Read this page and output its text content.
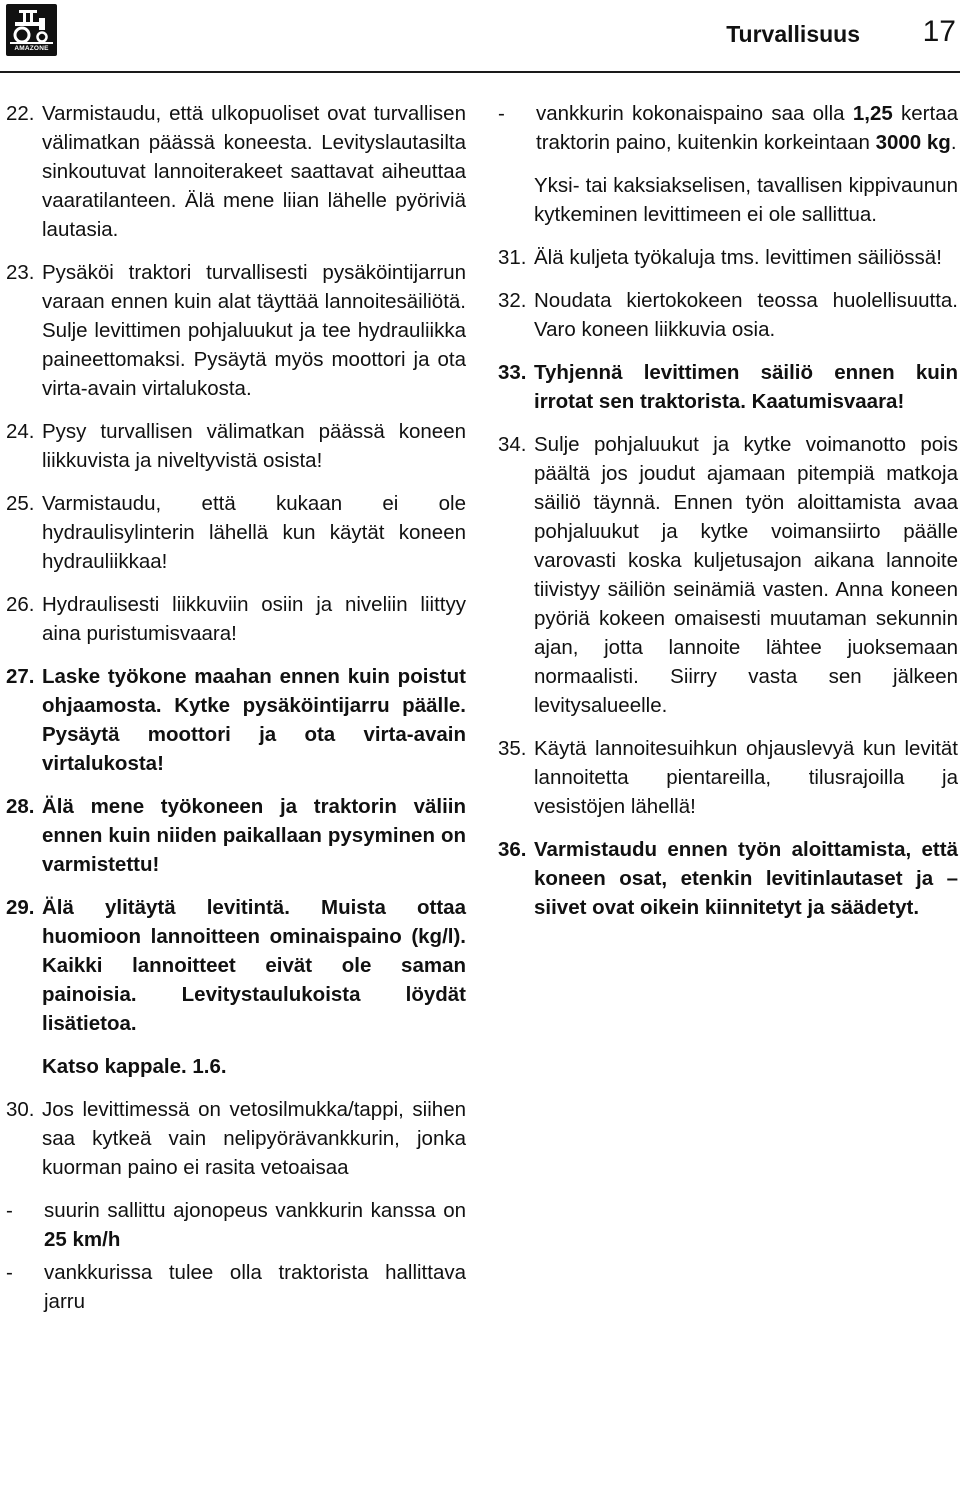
AMAZONE
Turvallisuus 17
22. Varmistaudu, että ulkopuoliset ovat turvallisen välimatkan päässä koneesta. Levityslautasilta sinkoutuvat lannoiterakeet saattavat aiheuttaa vaaratilanteen. Älä mene liian lähelle pyöriviä lautasia.
23. Pysäköi traktori turvallisesti pysäköintijarrun varaan ennen kuin alat täyttää lannoitesäiliötä. Sulje levittimen pohjaluukut ja tee hydrauliikka paineettomaksi. Pysäytä myös moottori ja ota virta-avain virtalukosta.
24. Pysy turvallisen välimatkan päässä koneen liikkuvista ja niveltyvistä osista!
25. Varmistaudu, että kukaan ei ole hydraulisylinterin lähellä kun käytät koneen hydrauliikkaa!
26. Hydraulisesti liikkuviin osiin ja niveliin liittyy aina puristumisvaara!
27. Laske työkone maahan ennen kuin poistut ohjaamosta. Kytke pysäköintijarru päälle. Pysäytä moottori ja ota virta-avain virtalukosta!
28. Älä mene työkoneen ja traktorin väliin ennen kuin niiden paikallaan pysyminen on varmistettu!
29. Älä ylitäytä levitintä. Muista ottaa huomioon lannoitteen ominaispaino (kg/l). Kaikki lannoitteet eivät ole saman painoisia. Levitystaulukoista löydät lisätietoa.
Katso kappale. 1.6.
30. Jos levittimessä on vetosilmukka/tappi, siihen saa kytkeä vain nelipyörävankkurin, jonka kuorman paino ei rasita vetoaisaa
- suurin sallittu ajonopeus vankkurin kanssa on 25 km/h
- vankkurissa tulee olla traktorista hallittava jarru
- vankkurin kokonaispaino saa olla 1,25 kertaa traktorin paino, kuitenkin korkeintaan 3000 kg.
Yksi- tai kaksiakselisen, tavallisen kippivaunun kytkeminen levittimeen ei ole sallittua.
31. Älä kuljeta työkaluja tms. levittimen säiliössä!
32. Noudata kiertokokeen teossa huolellisuutta. Varo koneen liikkuvia osia.
33. Tyhjennä levittimen säiliö ennen kuin irrotat sen traktorista. Kaatumisvaara!
34. Sulje pohjaluukut ja kytke voimanotto pois päältä jos joudut ajamaan pitempiä matkoja säiliö täynnä. Ennen työn aloittamista avaa pohjaluukut ja kytke voimansiirto päälle varovasti koska kuljetusajon aikana lannoite tiivistyy säiliön seinämiä vasten. Anna koneen pyöriä kokeen omaisesti muutaman sekunnin ajan, jotta lannoite lähtee juoksemaan normaalisti. Siirry vasta sen jälkeen levitysalueelle.
35. Käytä lannoitesuihkun ohjauslevyä kun levität lannoitetta pientareilla, tilusrajoilla ja vesistöjen lähellä!
36. Varmistaudu ennen työn aloittamista, että koneen osat, etenkin levitinlautaset ja –siivet ovat oikein kiinnitetyt ja säädetyt.
